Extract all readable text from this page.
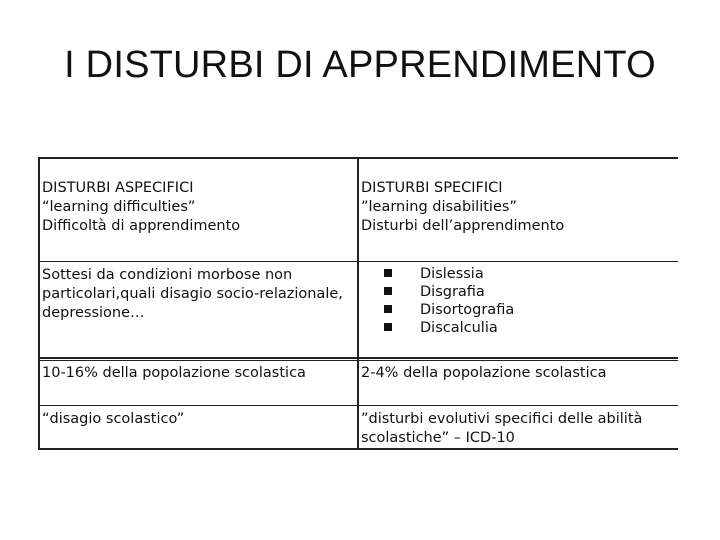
I DISTURBI DI APPRENDIMENTO
DISTURBI ASPECIFICI
“learning difficulties”
Difficoltà di apprendimento
DISTURBI SPECIFICI
”learning disabilities”
Disturbi dell’apprendimento
Sottesi da condizioni morbose non
particolari,quali disagio socio-relazionale,
depressione…
Dislessia
Disgrafia
Disortografia
Discalculia
10-16% della popolazione scolastica	2-4% della popolazione scolastica
“disagio scolastico”	”disturbi evolutivi specifici delle abilità
scolastiche” – ICD-10
